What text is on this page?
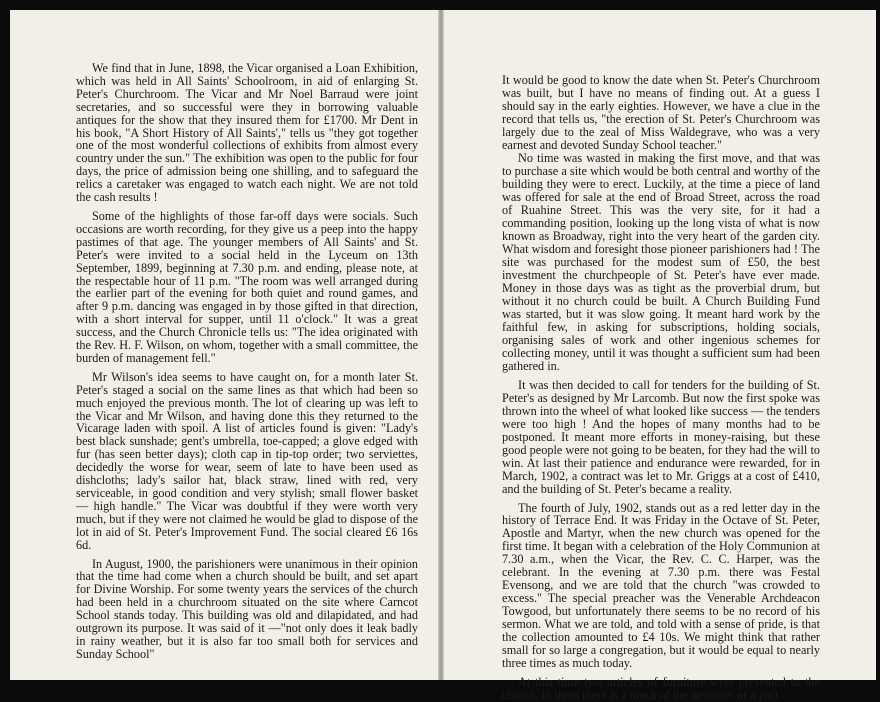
We find that in June, 1898, the Vicar organised a Loan Exhibition, which was held in All Saints' Schoolroom, in aid of enlarging St. Peter's Churchroom. The Vicar and Mr Noel Barraud were joint secretaries, and so successful were they in borrowing valuable antiques for the show that they insured them for £1700. Mr Dent in his book, "A Short History of All Saints'," tells us "they got together one of the most wonderful collections of exhibits from almost every country under the sun." The exhibition was open to the public for four days, the price of admission being one shilling, and to safeguard the relics a caretaker was engaged to watch each night. We are not told the cash results !

Some of the highlights of those far-off days were socials. Such occasions are worth recording, for they give us a peep into the happy pastimes of that age. The younger members of All Saints' and St. Peter's were invited to a social held in the Lyceum on 13th September, 1899, beginning at 7.30 p.m. and ending, please note, at the respectable hour of 11 p.m. "The room was well arranged during the earlier part of the evening for both quiet and round games, and after 9 p.m. dancing was engaged in by those gifted in that direction, with a short interval for supper, until 11 o'clock." It was a great success, and the Church Chronicle tells us: "The idea originated with the Rev. H. F. Wilson, on whom, together with a small committee, the burden of management fell."

Mr Wilson's idea seems to have caught on, for a month later St. Peter's staged a social on the same lines as that which had been so much enjoyed the previous month. The lot of clearing up was left to the Vicar and Mr Wilson, and having done this they returned to the Vicarage laden with spoil. A list of articles found is given: "Lady's best black sunshade; gent's umbrella, toe-capped; a glove edged with fur (has seen better days); cloth cap in tip-top order; two serviettes, decidedly the worse for wear, seem of late to have been used as dishcloths; lady's sailor hat, black straw, lined with red, very serviceable, in good condition and very stylish; small flower basket — high handle." The Vicar was doubtful if they were worth very much, but if they were not claimed he would be glad to dispose of the lot in aid of St. Peter's Improvement Fund. The social cleared £6 16s 6d.

In August, 1900, the parishioners were unanimous in their opinion that the time had come when a church should be built, and set apart for Divine Worship. For some twenty years the services of the church had been held in a churchroom situated on the site where Carncot School stands today. This building was old and dilapidated, and had outgrown its purpose. It was said of it —"not only does it leak badly in rainy weather, but it is also far too small both for services and Sunday School"

It would be good to know the date when St. Peter's Churchroom was built, but I have no means of finding out. At a guess I should say in the early eighties. However, we have a clue in the record that tells us, "the erection of St. Peter's Churchroom was largely due to the zeal of Miss Waldegrave, who was a very earnest and devoted Sunday School teacher."

No time was wasted in making the first move, and that was to purchase a site which would be both central and worthy of the building they were to erect. Luckily, at the time a piece of land was offered for sale at the end of Broad Street, across the road of Ruahine Street. This was the very site, for it had a commanding position, looking up the long vista of what is now known as Broadway, right into the very heart of the garden city. What wisdom and foresight those pioneer parishioners had ! The site was purchased for the modest sum of £50, the best investment the churchpeople of St. Peter's have ever made. Money in those days was as tight as the proverbial drum, but without it no church could be built. A Church Building Fund was started, but it was slow going. It meant hard work by the faithful few, in asking for subscriptions, holding socials, organising sales of work and other ingenious schemes for collecting money, until it was thought a sufficient sum had been gathered in.

It was then decided to call for tenders for the building of St. Peter's as designed by Mr Larcomb. But now the first spoke was thrown into the wheel of what looked like success — the tenders were too high ! And the hopes of many months had to be postponed. It meant more efforts in money-raising, but these good people were not going to be beaten, for they had the will to win. At last their patience and endurance were rewarded, for in March, 1902, a contract was let to Mr. Griggs at a cost of £410, and the building of St. Peter's became a reality.

The fourth of July, 1902, stands out as a red letter day in the history of Terrace End. It was Friday in the Octave of St. Peter, Apostle and Martyr, when the new church was opened for the first time. It began with a celebration of the Holy Communion at 7.30 a.m., when the Vicar, the Rev. C. C. Harper, was the celebrant. In the evening at 7.30 p.m. there was Festal Evensong, and we are told that the church "was crowded to excess." The special preacher was the Venerable Archdeacon Towgood, but unfortunately there seems to be no record of his sermon. What we are told, and told with a sense of pride, is that the collection amounted to £4 10s. We might think that rather small for so large a congregation, but it would be equal to nearly three times as much today.

At this time two articles of furniture were presented to the church. In them there is a touch of the devotion of a past
